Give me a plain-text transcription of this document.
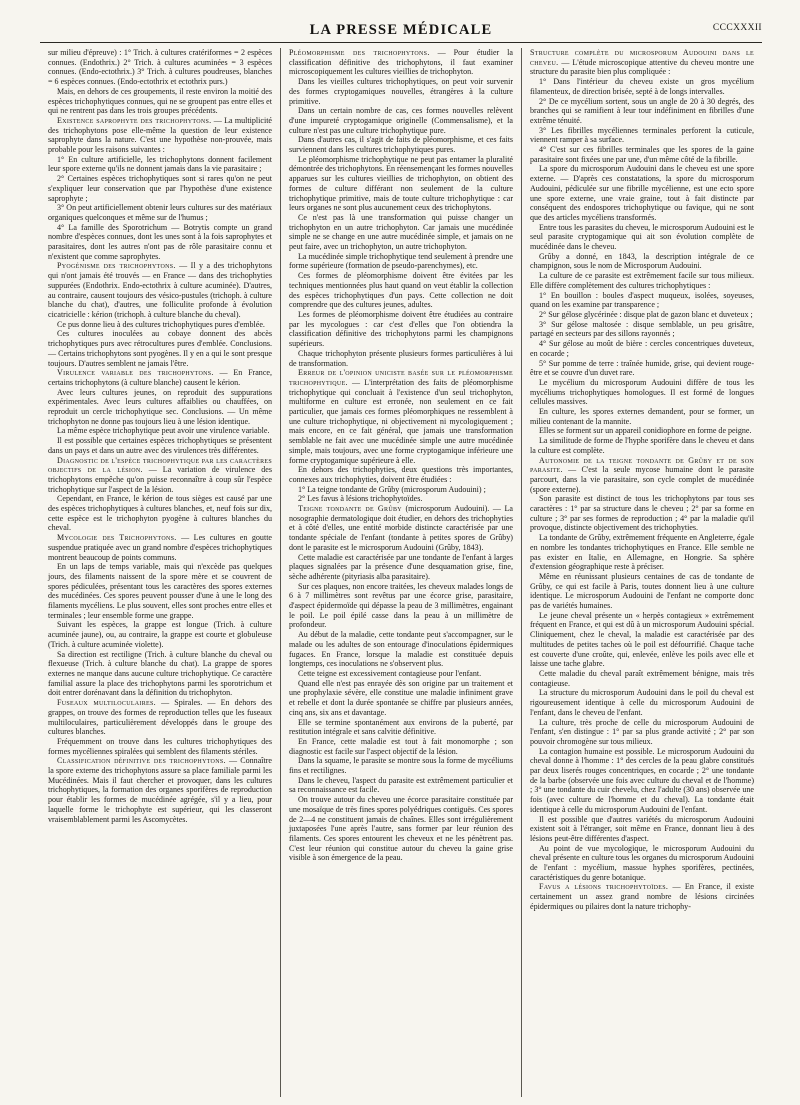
LA PRESSE MÉDICALE	CCCXXXII

sur milieu d'épreuve) : 1° Trich. à cultures cratériformes = 2 espèces connues. (Endothrix.) 2° Trich. à cultures acuminées = 3 espèces connues. (Endo-ectothrix.) 3° Trich. à cultures poudreuses, blanches = 6 espèces connues. (Endo-ectothrix et ectothrix purs.)

Mais, en dehors de ces groupements, il reste environ la moitié des espèces trichophytiques connues, qui ne se groupent pas entre elles et qui ne rentrent pas dans les trois groupes précédents.

Existence saprophyte des trichophytons. — La multiplicité des trichophytons pose elle-même la question de leur existence saprophyte dans la nature. C'est une hypothèse non-prouvée, mais probable pour les raisons suivantes :

1° En culture artificielle, les trichophytons donnent facilement leur spore externe qu'ils ne donnent jamais dans la vie parasitaire ;

2° Certaines espèces trichophytiques sont si rares qu'on ne peut s'expliquer leur conservation que par l'hypothèse d'une existence saprophyte ;

3° On peut artificiellement obtenir leurs cultures sur des matériaux organiques quelconques et même sur de l'humus ;

4° La famille des Sporotrichum — Botrytis compte un grand nombre d'espèces connues, dont les unes sont à la fois saprophytes et parasitaires, dont les autres n'ont pas de rôle parasitaire connu et n'existent que comme saprophytes.

Pyogénisme des trichophytons. — Il y a des trichophytons qui n'ont jamais été trouvés — en France — dans des trichophyties suppurées (Endothrix. Endo-ectothrix à culture acuminée). D'autres, au contraire, causent toujours des vésico-pustules (trichoph. à culture blanche du chat), d'autres, une folliculite profonde à évolution cicatricielle : kérion (trichoph. à culture blanche du cheval).

Ce pus donne lieu à des cultures trichophytiques pures d'emblée.

Ces cultures inoculées au cobaye donnent des abcès trichophytiques purs avec rétrocultures pures d'emblée. Conclusions. — Certains trichophytons sont pyogènes. Il y en a qui le sont presque toujours. D'autres semblent ne jamais l'être.

Virulence variable des trichophytons. — En France, certains trichophytons (à culture blanche) causent le kérion.

Avec leurs cultures jeunes, on reproduit des suppurations expérimentales. Avec leurs cultures affaiblies ou chauffées, on reproduit un cercle trichophytique sec. Conclusions. — Un même trichophyton ne donne pas toujours lieu à une lésion identique.

La même espèce trichophytique peut avoir une virulence variable.

Il est possible que certaines espèces trichophytiques se présentent dans un pays et dans un autre avec des virulences très différentes.

Diagnostic de l'espèce trichophytique par les caractères objectifs de la lésion. — La variation de virulence des trichophytons empêche qu'on puisse reconnaître à coup sûr l'espèce trichophytique sur l'aspect de la lésion.

Cependant, en France, le kérion de tous sièges est causé par une des espèces trichophytiques à cultures blanches, et, neuf fois sur dix, cette espèce est le trichophyton pyogène à cultures blanches du cheval.

Mycologie des Trichophytons. — Les cultures en goutte suspendue pratiquée avec un grand nombre d'espèces trichophytiques montrent beaucoup de points communs.

En un laps de temps variable, mais qui n'excède pas quelques jours, des filaments naissent de la spore mère et se couvrent de spores pédiculées, présentant tous les caractères des spores externes des mucédinées. Ces spores peuvent pousser d'une à une le long des filaments mycéliens. Le plus souvent, elles sont proches entre elles et terminales ; leur ensemble forme une grappe.

Suivant les espèces, la grappe est longue (Trich. à culture acuminée jaune), ou, au contraire, la grappe est courte et globuleuse (Trich. à culture acuminée violette).

Sa direction est rectiligne (Trich. à culture blanche du cheval ou flexueuse (Trich. à culture blanche du chat). La grappe de spores externes ne manque dans aucune culture trichophytique. Ce caractère familial assure la place des trichophytons parmi les sporotrichum et doit entrer dorénavant dans la définition du trichophyton.

Fuseaux multiloculaires. — Spirales. — En dehors des grappes, on trouve des formes de reproduction telles que les fuseaux multiloculaires, particulièrement développés dans le groupe des cultures blanches.

Fréquemment on trouve dans les cultures trichophytiques des formes mycéliennes spiralées qui semblent des filaments stériles.

Classification définitive des trichophytons. — Connaître la spore externe des trichophytons assure sa place familiale parmi les Mucédinées. Mais il faut chercher et provoquer, dans les cultures trichophytiques, la formation des organes sporifères de reproduction pour établir les formes de mucédinée agrégée, s'il y a lieu, pour laquelle forme le trichophyte est supérieur, qui les classeront vraisemblablement parmi les Ascomycètes.

Pléomorphisme des trichophytons. — Pour étudier la classification définitive des trichophytons, il faut examiner microscopiquement les cultures vieillies de trichophyton.

Dans les vieilles cultures trichophytiques, on peut voir survenir des formes cryptogamiques nouvelles, étrangères à la culture primitive.

Dans un certain nombre de cas, ces formes nouvelles relèvent d'une impureté cryptogamique originelle (Commensalisme), et la culture n'est pas une culture trichophytique pure.

Dans d'autres cas, il s'agit de faits de pléomorphisme, et ces faits surviennent dans les cultures trichophytiques pures.

Le pléomorphisme trichophytique ne peut pas entamer la pluralité démontrée des trichophytons. En réensemençant les formes nouvelles apparues sur les cultures vieillies de trichophyton, on obtient des formes de culture différant non seulement de la culture trichophytique primitive, mais de toute culture trichophytique : car leurs organes ne sont plus aucunement ceux des trichophytons.

Ce n'est pas là une transformation qui puisse changer un trichophyton en un autre trichophyton. Car jamais une mucédinée simple ne se change en une autre mucédinée simple, et jamais on ne peut faire, avec un trichophyton, un autre trichophyton.

La mucédinée simple trichophytique tend seulement à prendre une forme supérieure (formation de pseudo-parenchymes), etc.

Ces formes de pléomorphisme doivent être évitées par les techniques mentionnées plus haut quand on veut établir la collection des espèces trichophytiques d'un pays. Cette collection ne doit comprendre que des cultures jeunes, adultes.

Les formes de pléomorphisme doivent être étudiées au contraire par les mycologues : car c'est d'elles que l'on obtiendra la classification définitive des trichophytons parmi les champignons supérieurs.

Chaque trichophyton présente plusieurs formes particulières à lui de transformation.

Erreur de l'opinion uniciste basée sur le pléomorphisme trichophytique. — L'interprétation des faits de pléomorphisme trichophytique qui concluait à l'existence d'un seul trichophyton, multiforme en culture est erronée, non seulement en ce fait particulier, que jamais ces formes pléomorphiques ne ressemblent à une culture trichophytique, ni objectivement ni mycologiquement ; mais encore, en ce fait général, que jamais une transformation semblable ne fait avec une mucédinée simple une autre mucédinée simple, mais toujours, avec une forme cryptogamique inférieure une forme cryptogamique supérieure à elle.

En dehors des trichophyties, deux questions très importantes, connexes aux trichophyties, doivent être étudiées :

1° La teigne tondante de Grûby (microsporum Audouini) ;

2° Les favus à lésions trichophytoïdes.

Teigne tondante de Grûby (microsporum Audouini). — La nosographie dermatologique doit étudier, en dehors des trichophyties et à côté d'elles, une entité morbide distincte caractérisée par une tondante spéciale de l'enfant (tondante à petites spores de Grûby) dont le parasite est le microsporum Audouini (Grûby, 1843).

Cette maladie est caractérisée par une tondante de l'enfant à larges plaques signalées par la présence d'une desquamation grise, fine, sèche adhérente (pityriasis alba parasitaire).

Sur ces plaques, non encore traitées, les cheveux malades longs de 6 à 7 millimètres sont revêtus par une écorce grise, parasitaire, d'aspect épidermoïde qui dépasse la peau de 3 millimètres, engainant le poil. Le poil épilé casse dans la peau à un millimètre de profondeur.

Au début de la maladie, cette tondante peut s'accompagner, sur le malade ou les adultes de son entourage d'inoculations épidermiques fugaces. En France, lorsque la maladie est constituée depuis longtemps, ces inoculations ne s'observent plus.

Cette teigne est excessivement contagieuse pour l'enfant.

Quand elle n'est pas enrayée dès son origine par un traitement et une prophylaxie sévère, elle constitue une maladie infiniment grave et rebelle et dont la durée spontanée se chiffre par plusieurs années, cinq ans, six ans et davantage.

Elle se termine spontanément aux environs de la puberté, par restitution intégrale et sans calvitie définitive.

En France, cette maladie est tout à fait monomorphe ; son diagnostic est facile sur l'aspect objectif de la lésion.

Dans la squame, le parasite se montre sous la forme de mycéliums fins et rectilignes.

Dans le cheveu, l'aspect du parasite est extrêmement particulier et sa reconnaissance est facile.

On trouve autour du cheveu une écorce parasitaire constituée par une mosaïque de très fines spores polyédriques contiguës. Ces spores de 2—4 ne constituent jamais de chaînes. Elles sont irrégulièrement juxtaposées l'une après l'autre, sans former par leur réunion des filaments. Ces spores entourent les cheveux et ne les pénètrent pas. C'est leur réunion qui constitue autour du cheveu la gaine grise visible à son émergence de la peau.

Structure complète du microsporum Audouini dans le cheveu. — L'étude microscopique attentive du cheveu montre une structure du parasite bien plus compliquée :

1° Dans l'intérieur du cheveu existe un gros mycélium filamenteux, de direction brisée, septé à de longs intervalles.

2° De ce mycélium sortent, sous un angle de 20 à 30 degrés, des branches qui se ramifient à leur tour indéfiniment en fibrilles d'une extrême ténuité.

3° Les fibrilles mycéliennes terminales perforent la cuticule, viennent ramper à sa surface.

4° C'est sur ces fibrilles terminales que les spores de la gaine parasitaire sont fixées une par une, d'un même côté de la fibrille.

La spore du microsporum Audouini dans le cheveu est une spore externe. — D'après ces constatations, la spore du microsporum Audouini, pédiculée sur une fibrille mycélienne, est une ecto spore une spore externe, une vraie graine, tout à fait distincte par conséquent des endospores trichophytique ou favique, qui ne sont que des articles mycéliens transformés.

Entre tous les parasites du cheveu, le microsporum Audouini est le seul parasite cryptogamique qui ait son évolution complète de mucédinée dans le cheveu.

Grûby a donné, en 1843, la description intégrale de ce champignon, sous le nom de Microsporum Audouini.

La culture de ce parasite est extrêmement facile sur tous milieux. Elle diffère complètement des cultures trichophytiques :

1° En bouillon : boules d'aspect muqueux, isolées, soyeuses, quand on les examine par transparence ;

2° Sur gélose glycérinée : disque plat de gazon blanc et duveteux ;

3° Sur gélose maltosée : disque semblable, un peu grisâtre, partagé en secteurs par des sillons rayonnés ;

4° Sur gélose au moût de bière : cercles concentriques duveteux, en cocarde ;

5° Sur pomme de terre : traînée humide, grise, qui devient rouge-être et se couvre d'un duvet rare.

Le mycélium du microsporum Audouini diffère de tous les mycéliums trichophytiques homologues. Il est formé de longues cellules massives.

En culture, les spores externes demandent, pour se former, un milieu contenant de la mannite.

Elles se forment sur un appareil conidiophore en forme de peigne.

La similitude de forme de l'hyphe sporifère dans le cheveu et dans la culture est complète.

Autonomie de la teigne tondante de Grûby et de son parasite. — C'est la seule mycose humaine dont le parasite parcourt, dans la vie parasitaire, son cycle complet de mucédinée (spore externe).

Son parasite est distinct de tous les trichophytons par tous ses caractères : 1° par sa structure dans le cheveu ; 2° par sa forme en culture ; 3° par ses formes de reproduction ; 4° par la maladie qu'il provoque, distincte objectivement des trichophyties.

La tondante de Grûby, extrêmement fréquente en Angleterre, égale en nombre les tondantes trichophytiques en France. Elle semble ne pas exister en Italie, en Allemagne, en Hongrie. Sa sphère d'extension géographique reste à préciser.

Même en réunissant plusieurs centaines de cas de tondante de Grûby, ce qui est facile à Paris, toutes donnent lieu à une culture identique. Le microsporum Audouini de l'enfant ne comporte donc pas de variétés humaines.

Le jeune cheval présente un « herpès contagieux » extrêmement fréquent en France, et qui est dû à un microsporum Audouini spécial. Cliniquement, chez le cheval, la maladie est caractérisée par des multitudes de petites taches où le poil est défourrifié. Chaque tache est couverte d'une croûte, qui, enlevée, enlève les poils avec elle et laisse une tache glabre.

Cette maladie du cheval paraît extrêmement bénigne, mais très contagieuse.

La structure du microsporum Audouini dans le poil du cheval est rigoureusement identique à celle du microsporum Audouini de l'enfant, dans le cheveu de l'enfant.

La culture, très proche de celle du microsporum Audouini de l'enfant, s'en distingue : 1° par sa plus grande activité ; 2° par son pouvoir chromogène sur tous milieux.

La contagion humaine est possible. Le microsporum Audouini du cheval donne à l'homme : 1° des cercles de la peau glabre constitués par deux liserés rouges concentriques, en cocarde ; 2° une tondante de la barbe (observée une fois avec culture du cheval et de l'homme) ; 3° une tondante du cuir chevelu, chez l'adulte (30 ans) observée une fois (avec culture de l'homme et du cheval). La tondante était identique à celle du microsporum Audouini de l'enfant.

Il est possible que d'autres variétés du microsporum Audouini existent soit à l'étranger, soit même en France, donnant lieu à des lésions peut-être différentes d'aspect.

Au point de vue mycologique, le microsporum Audouini du cheval présente en culture tous les organes du microsporum Audouini de l'enfant : mycélium, massue hyphes sporifères, pectinées, caractéristiques du genre botanique.

Favus a lésions trichophytoïdes. — En France, il existe certainement un assez grand nombre de lésions circinées épidermiques ou pilaires dont la nature trichophy-
